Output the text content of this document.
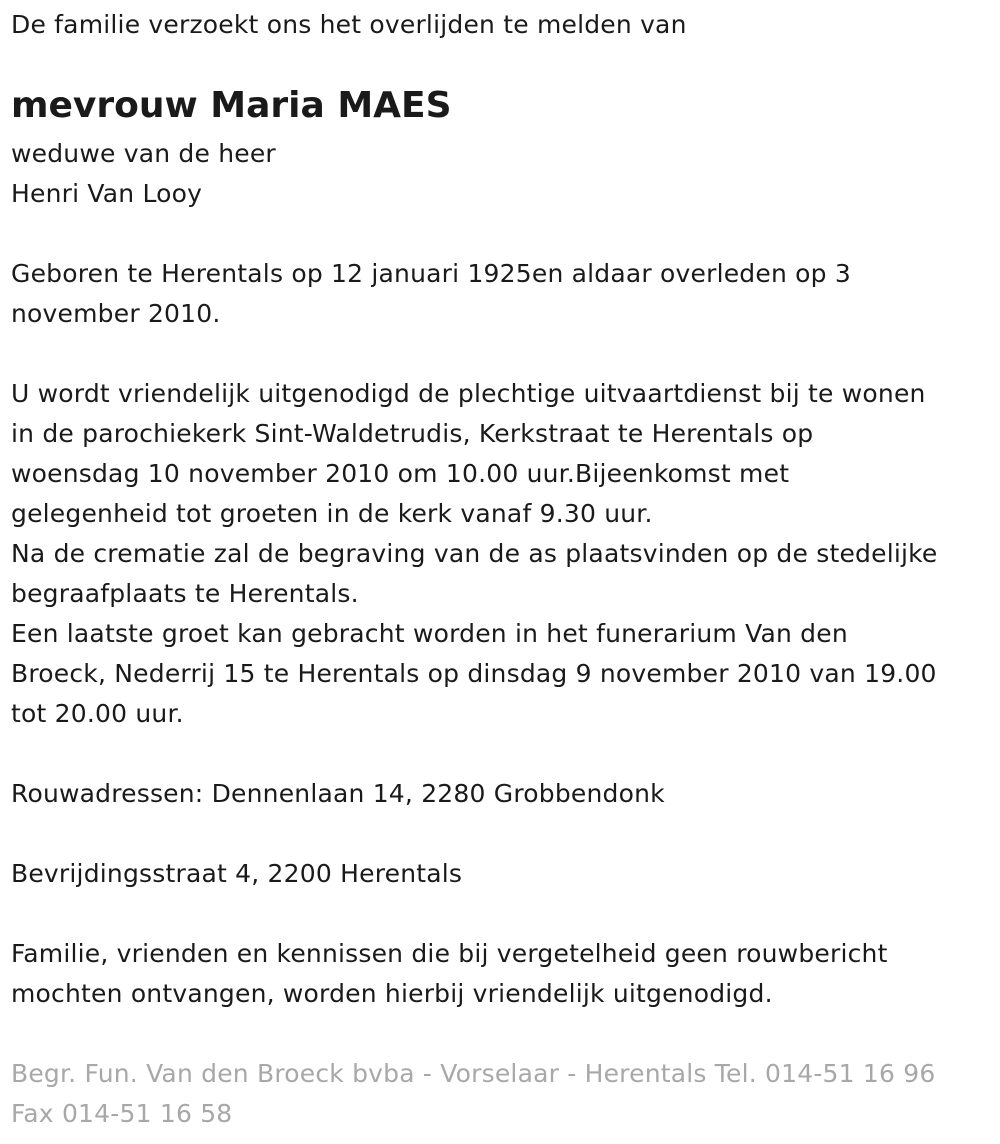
De familie verzoekt ons het overlijden te melden van
mevrouw Maria MAES
weduwe van de heer
Henri Van Looy
Geboren te Herentals op 12 januari 1925en aldaar overleden op 3
november 2010.
U wordt vriendelijk uitgenodigd de plechtige uitvaartdienst bij te wonen
in de parochiekerk Sint-Waldetrudis, Kerkstraat te Herentals op
woensdag 10 november 2010 om 10.00 uur.Bijeenkomst met
gelegenheid tot groeten in de kerk vanaf 9.30 uur.
Na de crematie zal de begraving van de as plaatsvinden op de stedelijke
begraafplaats te Herentals.
Een laatste groet kan gebracht worden in het funerarium Van den
Broeck, Nederrij 15 te Herentals op dinsdag 9 november 2010 van 19.00
tot 20.00 uur.
Rouwadressen: Dennenlaan 14, 2280 Grobbendonk
Bevrijdingsstraat 4, 2200 Herentals
Familie, vrienden en kennissen die bij vergetelheid geen rouwbericht
mochten ontvangen, worden hierbij vriendelijk uitgenodigd.
Begr. Fun. Van den Broeck bvba - Vorselaar - Herentals Tel. 014-51 16 96
Fax 014-51 16 58
